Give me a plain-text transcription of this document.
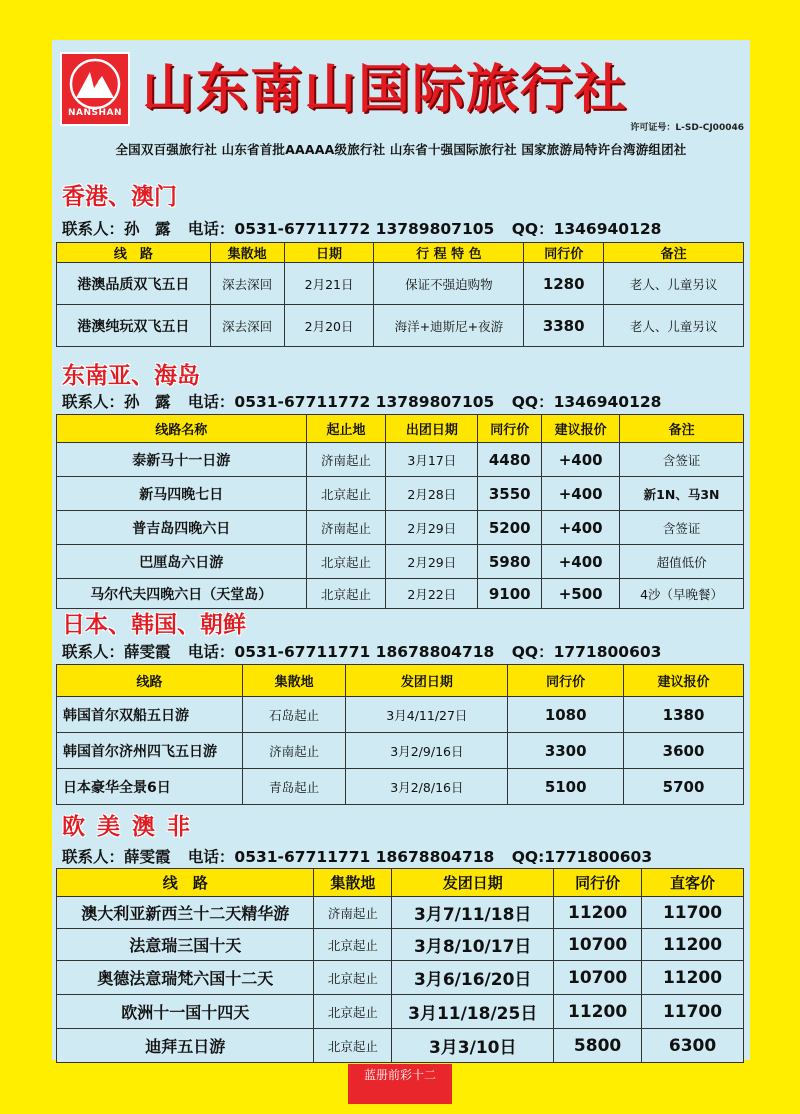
NANSHAN 山东南山国际旅行社
许可证号：L-SD-CJ00046
全国双百强旅行社 山东省首批AAAAA级旅行社 山东省十强国际旅行社 国家旅游局特许台湾游组团社
香港、澳门
联系人：孙　露 电话：0531-67711772 13789807105 QQ：1346940128
线　路	集散地	日期	行 程 特 色	同行价	备注
港澳品质双飞五日	深去深回	2月21日	保证不强迫购物	1280	老人、儿童另议
港澳纯玩双飞五日	深去深回	2月20日	海洋+迪斯尼+夜游	3380	老人、儿童另议
东南亚、海岛
联系人：孙　露 电话：0531-67711772 13789807105 QQ：1346940128
线路名称	起止地	出团日期	同行价	建议报价	备注
泰新马十一日游	济南起止	3月17日	4480	+400	含签证
新马四晚七日	北京起止	2月28日	3550	+400	新1N、马3N
普吉岛四晚六日	济南起止	2月29日	5200	+400	含签证
巴厘岛六日游	北京起止	2月29日	5980	+400	超值低价
马尔代夫四晚六日（天堂岛）	北京起止	2月22日	9100	+500	4沙（早晚餐）
日本、韩国、朝鲜
联系人：薛雯霞 电话：0531-67711771 18678804718 QQ：1771800603
线路	集散地	发团日期	同行价	建议报价
韩国首尔双船五日游	石岛起止	3月4/11/27日	1080	1380
韩国首尔济州四飞五日游	济南起止	3月2/9/16日	3300	3600
日本豪华全景6日	青岛起止	3月2/8/16日	5100	5700
欧 美 澳 非
联系人：薛雯霞 电话：0531-67711771 18678804718 QQ:1771800603
线　路	集散地	发团日期	同行价	直客价
澳大利亚新西兰十二天精华游	济南起止	3月7/11/18日	11200	11700
法意瑞三国十天	北京起止	3月8/10/17日	10700	11200
奥德法意瑞梵六国十二天	北京起止	3月6/16/20日	10700	11200
欧洲十一国十四天	北京起止	3月11/18/25日	11200	11700
迪拜五日游	北京起止	3月3/10日	5800	6300
蓝册前彩十二
